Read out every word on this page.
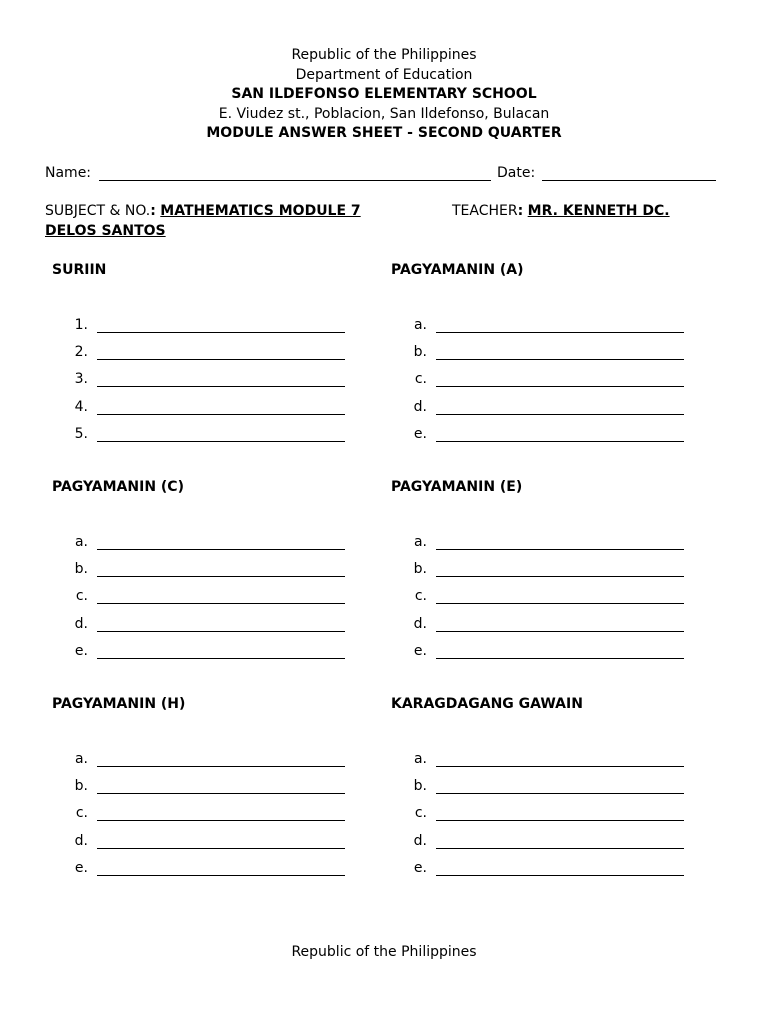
Republic of the Philippines
Department of Education
SAN ILDEFONSO ELEMENTARY SCHOOL
E. Viudez st., Poblacion, San Ildefonso, Bulacan
MODULE ANSWER SHEET - SECOND QUARTER
Name:	Date:
SUBJECT & NO.: MATHEMATICS MODULE 7	TEACHER: MR. KENNETH DC.
DELOS SANTOS
SURIIN
1.
2.
3.
4.
5.
PAGYAMANIN (A)
a.
b.
c.
d.
e.
PAGYAMANIN (C)
a.
b.
c.
d.
e.
PAGYAMANIN (E)
a.
b.
c.
d.
e.
PAGYAMANIN (H)
a.
b.
c.
d.
e.
KARAGDAGANG GAWAIN
a.
b.
c.
d.
e.
Republic of the Philippines
